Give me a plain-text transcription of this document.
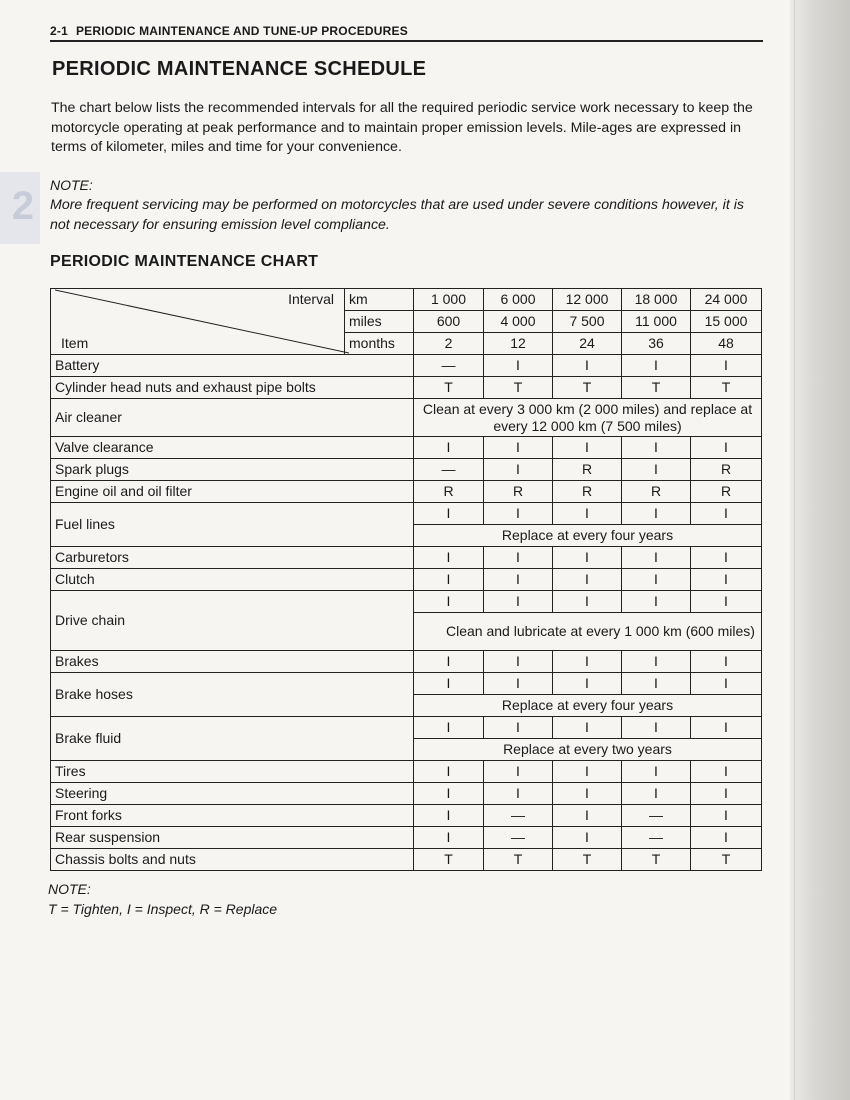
2
2-1 PERIODIC MAINTENANCE AND TUNE-UP PROCEDURES
PERIODIC MAINTENANCE SCHEDULE

The chart below lists the recommended intervals for all the required periodic service work necessary to keep the motorcycle operating at peak performance and to maintain proper emission levels. Mile-ages are expressed in terms of kilometer, miles and time for your convenience.

NOTE:

More frequent servicing may be performed on motorcycles that are used under severe conditions however, it is not necessary for ensuring emission level compliance.

PERIODIC MAINTENANCE CHART
Interval
Item	km	1 000	6 000	12 000	18 000	24 000
	miles	600	4 000	7 500	11 000	15 000
	months	2	12	24	36	48
Battery		—	I	I	I	I
Cylinder head nuts and exhaust pipe bolts		T	T	T	T	T
Air cleaner		Clean at every 3 000 km (2 000 miles) and replace at every 12 000 km (7 500 miles)				
Valve clearance		I	I	I	I	I
Spark plugs		—	I	R	I	R
Engine oil and oil filter		R	R	R	R	R
Fuel lines		I	I	I	I	I
		Replace at every four years				
Carburetors		I	I	I	I	I
Clutch		I	I	I	I	I
Drive chain		I	I	I	I	I
		Clean and lubricate at every 1 000 km (600 miles)				
Brakes		I	I	I	I	I
Brake hoses		I	I	I	I	I
		Replace at every four years				
Brake fluid		I	I	I	I	I
		Replace at every two years				
Tires		I	I	I	I	I
Steering		I	I	I	I	I
Front forks		I	—	I	—	I
Rear suspension		I	—	I	—	I
Chassis bolts and nuts		T	T	T	T	T
NOTE:
T = Tighten, I = Inspect, R = Replace
